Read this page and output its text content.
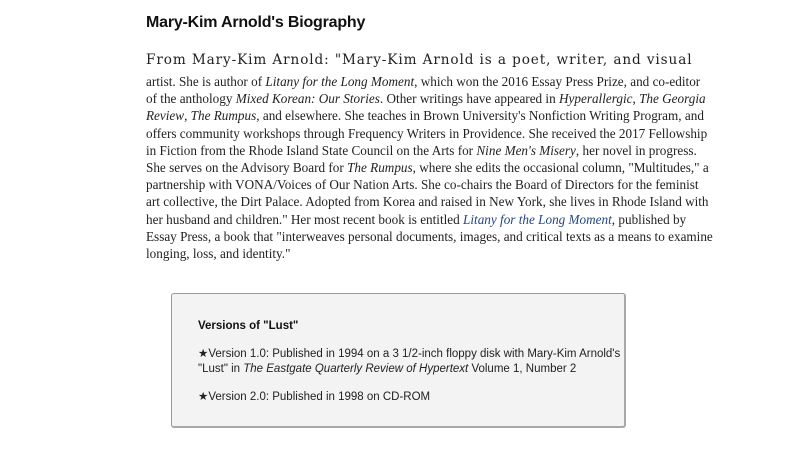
Mary-Kim Arnold's Biography

From Mary-Kim Arnold: "Mary-Kim Arnold is a poet, writer, and visual

artist. She is author of Litany for the Long Moment, which won the 2016 Essay Press Prize, and co-editor
of the anthology Mixed Korean: Our Stories. Other writings have appeared in Hyperallergic, The Georgia
Review, The Rumpus, and elsewhere. She teaches in Brown University's Nonfiction Writing Program, and
offers community workshops through Frequency Writers in Providence. She received the 2017 Fellowship
in Fiction from the Rhode Island State Council on the Arts for Nine Men's Misery, her novel in progress.
She serves on the Advisory Board for The Rumpus, where she edits the occasional column, "Multitudes," a
partnership with VONA/Voices of Our Nation Arts. She co-chairs the Board of Directors for the feminist
art collective, the Dirt Palace. Adopted from Korea and raised in New York, she lives in Rhode Island with
her husband and children." Her most recent book is entitled Litany for the Long Moment, published by
Essay Press, a book that "interweaves personal documents, images, and critical texts as a means to examine
longing, loss, and identity."

Versions of "Lust"

★Version 1.0: Published in 1994 on a 3 1/2-inch floppy disk with Mary-Kim Arnold's
"Lust" in The Eastgate Quarterly Review of Hypertext Volume 1, Number 2
★Version 2.0: Published in 1998 on CD-ROM
